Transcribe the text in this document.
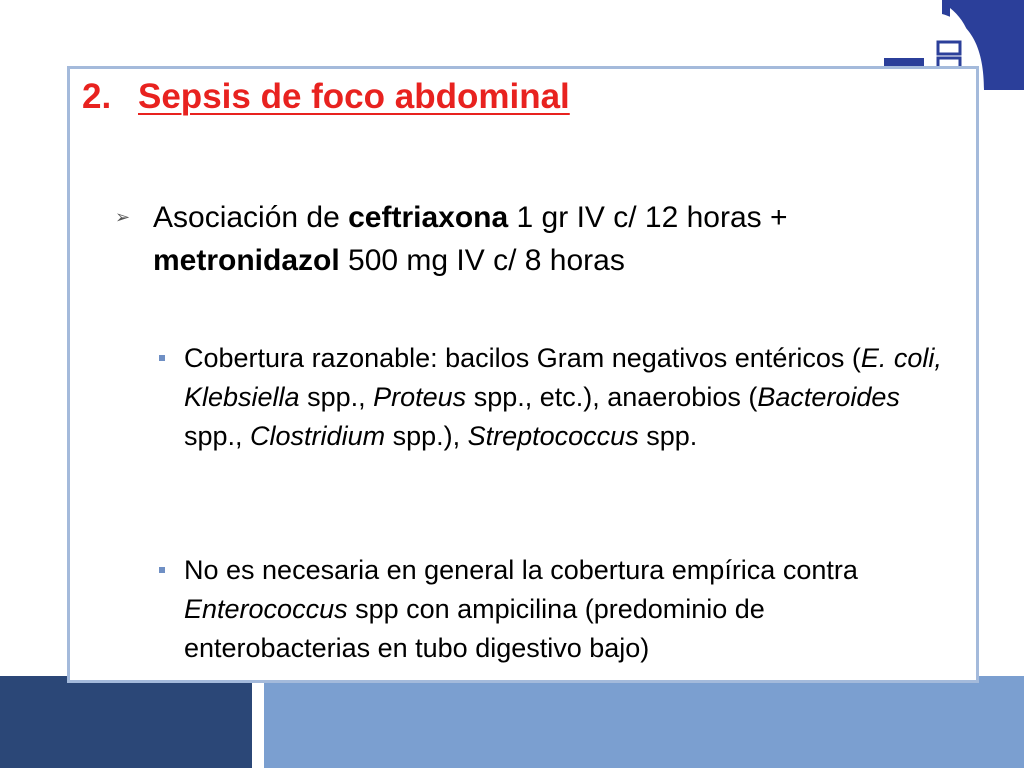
2. Sepsis de foco abdominal
➢ Asociación de ceftriaxona 1 gr IV c/ 12 horas + metronidazol 500 mg IV c/ 8 horas
Cobertura razonable: bacilos Gram negativos entéricos (E. coli, Klebsiella spp., Proteus spp., etc.), anaerobios (Bacteroides spp., Clostridium spp.), Streptococcus spp.
No es necesaria en general la cobertura empírica contra Enterococcus spp con ampicilina (predominio de enterobacterias en tubo digestivo bajo)
